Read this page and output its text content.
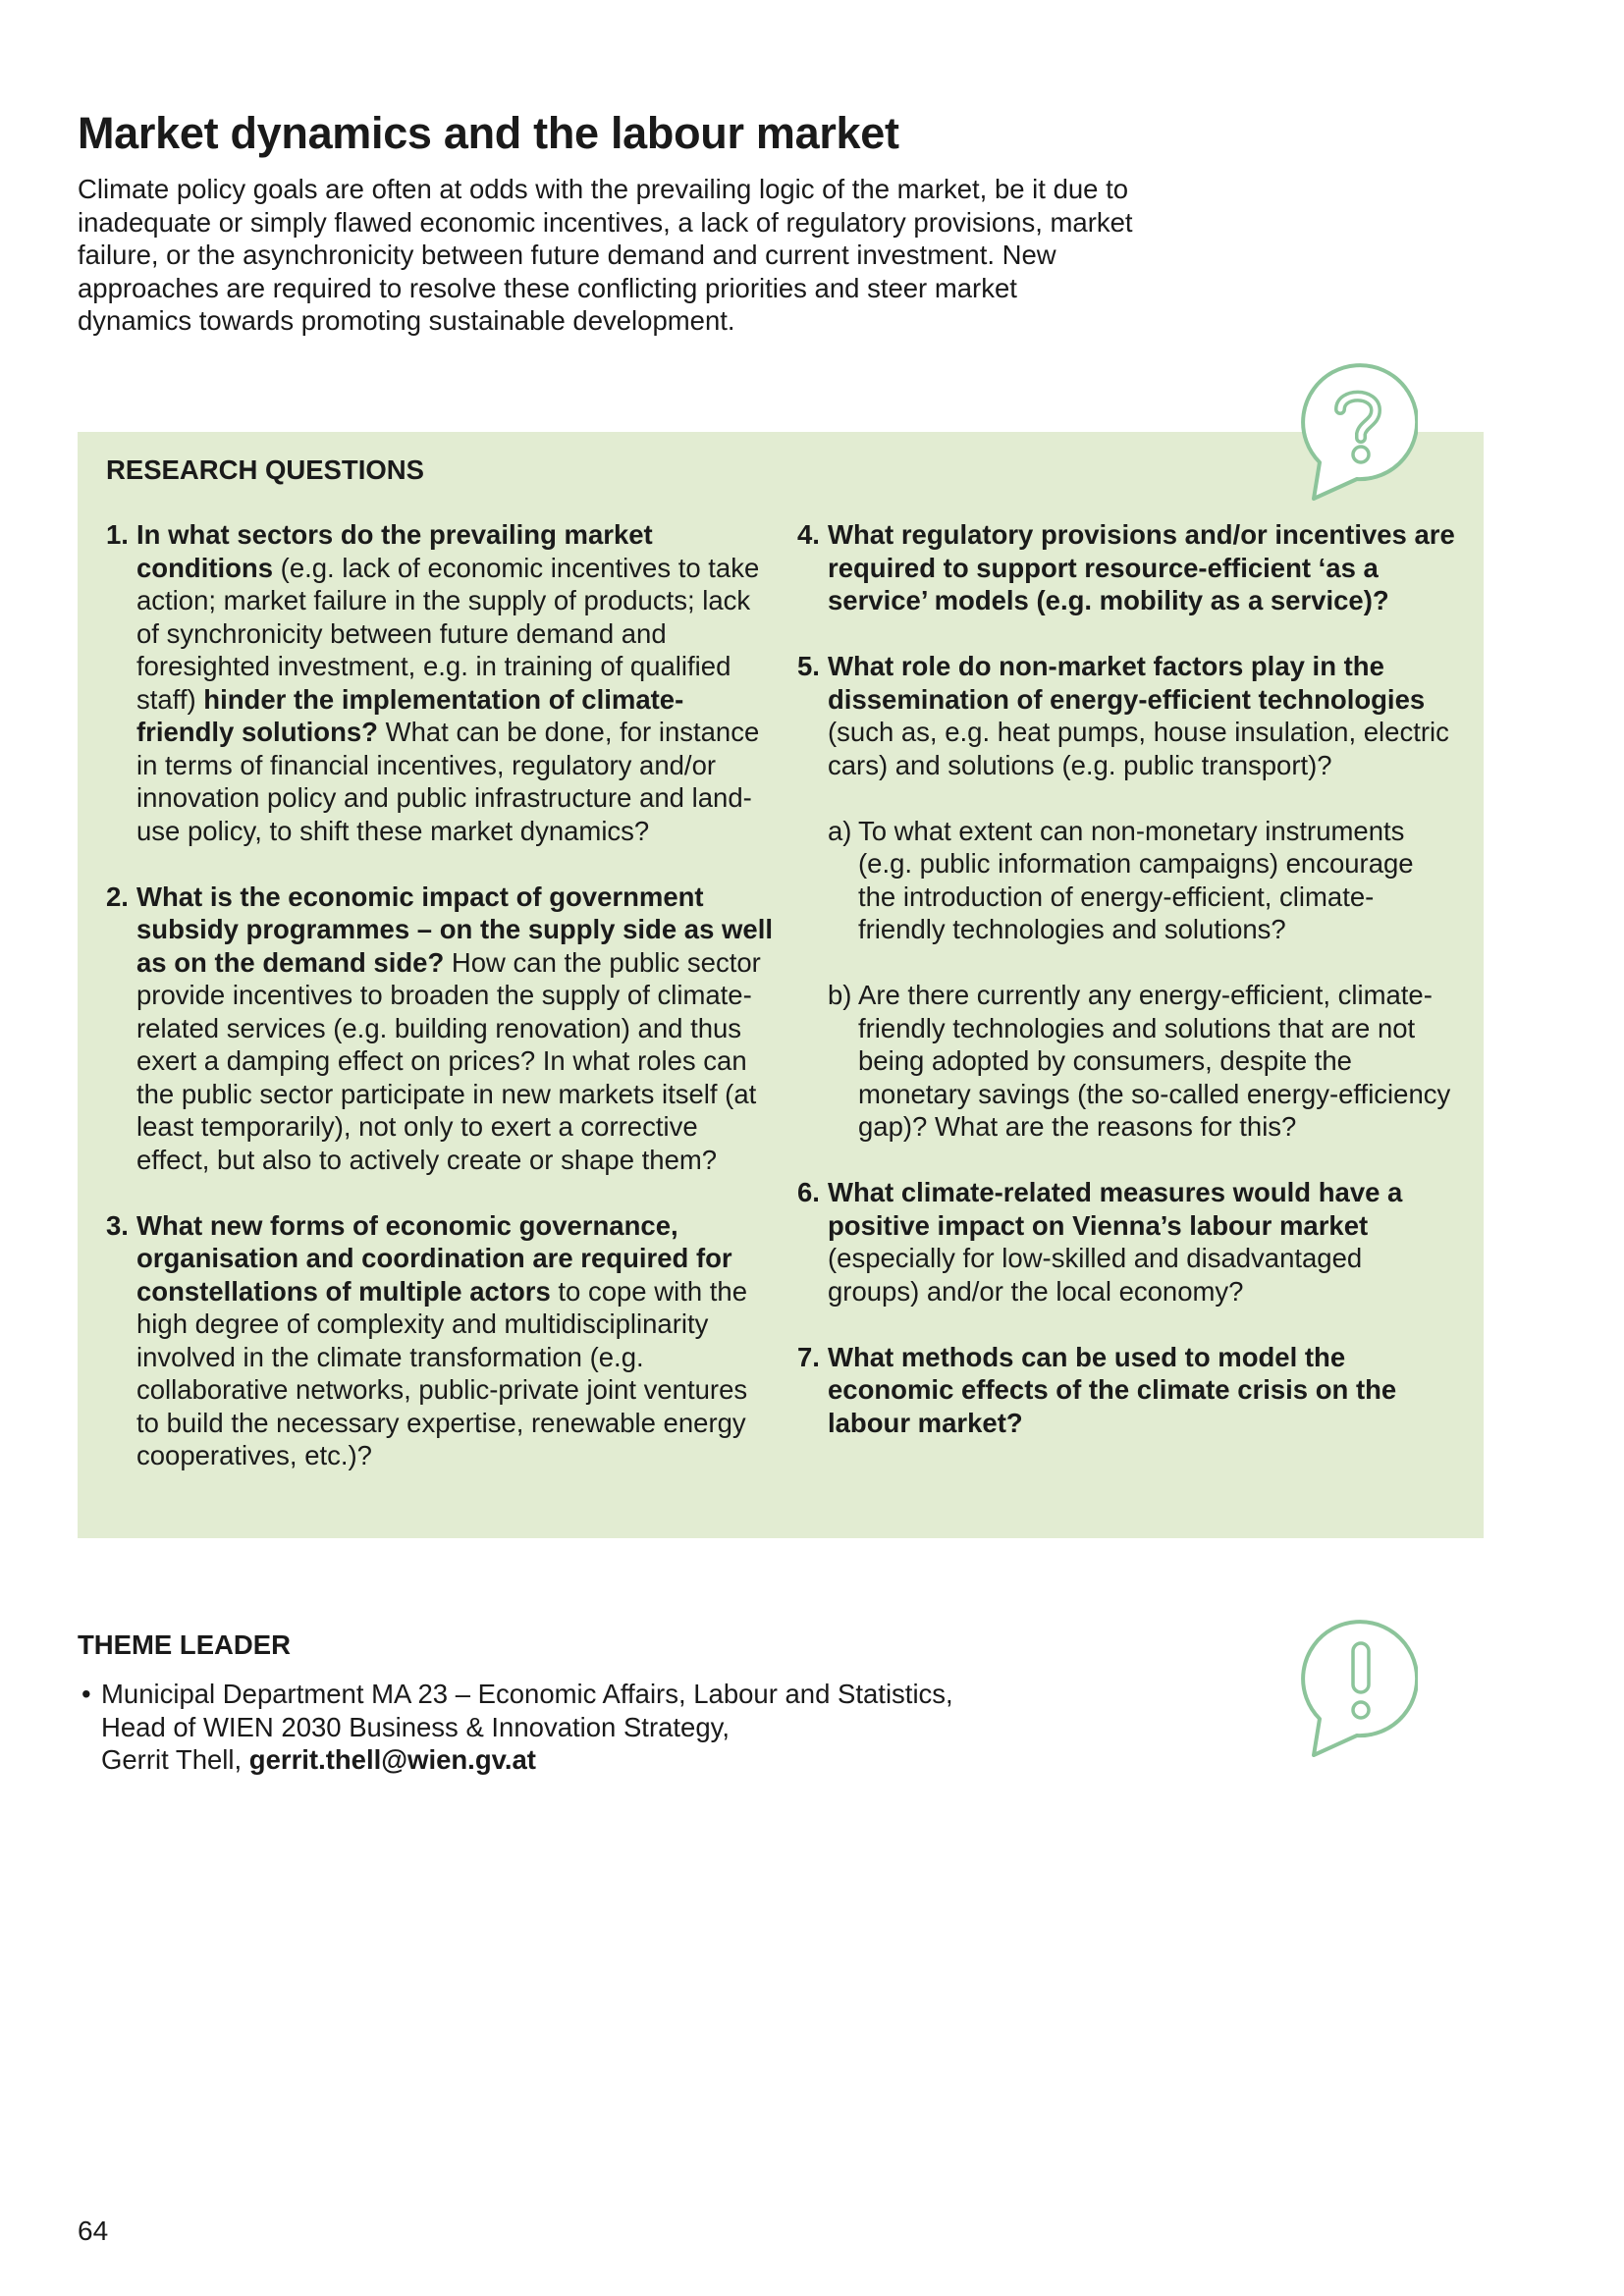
Market dynamics and the labour market

Climate policy goals are often at odds with the prevailing logic of the market, be it due to inadequate or simply flawed economic incentives, a lack of regulatory provisions, market failure, or the asynchronicity between future demand and current investment. New approaches are required to resolve these conflicting priorities and steer market dynamics towards promoting sustainable development.

RESEARCH QUESTIONS
1. In what sectors do the prevailing market conditions (e.g. lack of economic incentives to take action; market failure in the supply of products; lack of synchronicity between future demand and foresighted investment, e.g. in training of qualified staff) hinder the implementation of climate-friendly solutions? What can be done, for instance in terms of financial incentives, regulatory and/or innovation policy and public infrastructure and land-use policy, to shift these market dynamics?
2. What is the economic impact of government subsidy programmes – on the supply side as well as on the demand side? How can the public sector provide incentives to broaden the supply of climate-related services (e.g. building renovation) and thus exert a damping effect on prices? In what roles can the public sector participate in new markets itself (at least temporarily), not only to exert a corrective effect, but also to actively create or shape them?
3. What new forms of economic governance, organisation and coordination are required for constellations of multiple actors to cope with the high degree of complexity and multidisciplinarity involved in the climate transformation (e.g. collaborative networks, public-private joint ventures to build the necessary expertise, renewable energy cooperatives, etc.)?
4. What regulatory provisions and/or incentives are required to support resource-efficient ‘as a service’ models (e.g. mobility as a service)?
5. What role do non-market factors play in the dissemination of energy-efficient technologies (such as, e.g. heat pumps, house insulation, electric cars) and solutions (e.g. public transport)?
a) To what extent can non-monetary instruments (e.g. public information campaigns) encourage the introduction of energy-efficient, climate-friendly technologies and solutions?
b) Are there currently any energy-efficient, climate-friendly technologies and solutions that are not being adopted by consumers, despite the monetary savings (the so-called energy-efficiency gap)? What are the reasons for this?
6. What climate-related measures would have a positive impact on Vienna’s labour market (especially for low-skilled and disadvantaged groups) and/or the local economy?
7. What methods can be used to model the economic effects of the climate crisis on the labour market?
THEME LEADER
• Municipal Department MA 23 – Economic Affairs, Labour and Statistics,
Head of WIEN 2030 Business & Innovation Strategy,
Gerrit Thell, gerrit.thell@wien.gv.at
64
